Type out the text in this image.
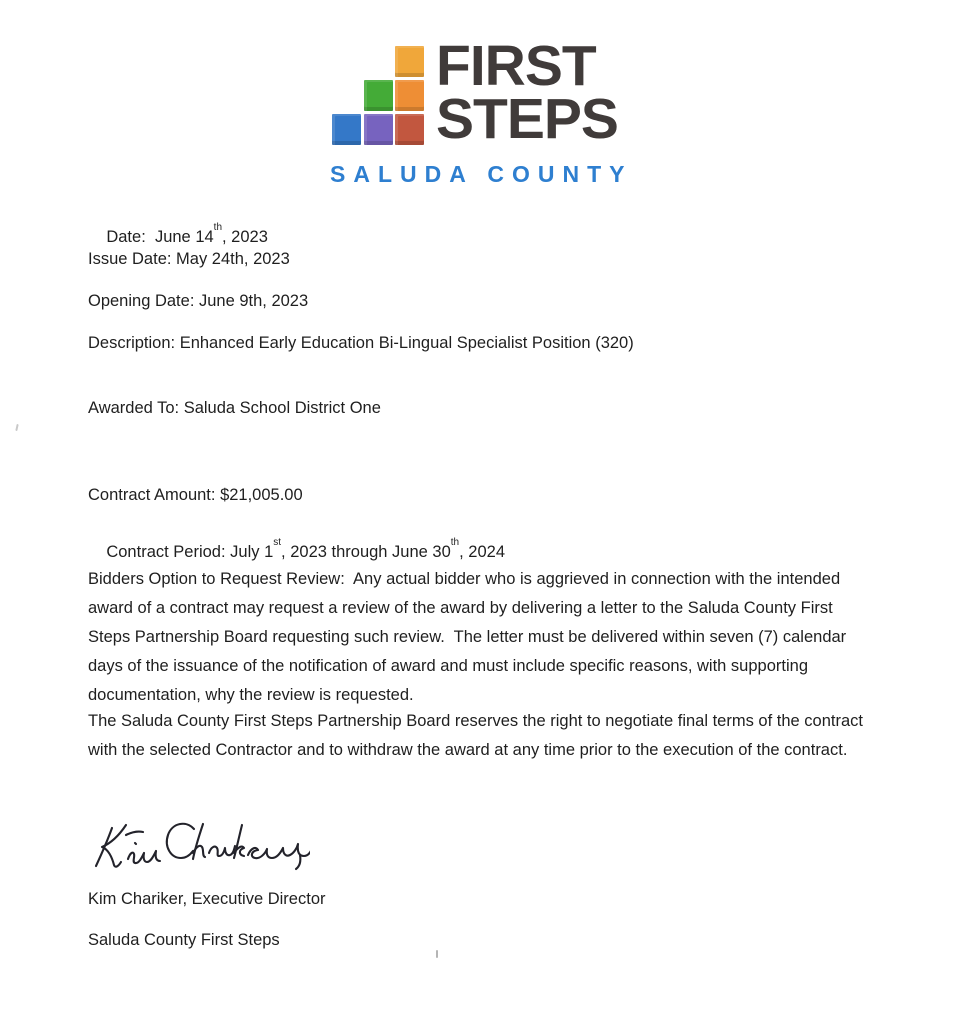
FIRST
STEPS
SALUDA COUNTY

Date:  June 14th, 2023

Issue Date: May 24th, 2023
Opening Date: June 9th, 2023
Description: Enhanced Early Education Bi-Lingual Specialist Position (320)
Awarded To: Saluda School District One
Contract Amount: $21,005.00

Contract Period: July 1st, 2023 through June 30th, 2024

Bidders Option to Request Review:  Any actual bidder who is aggrieved in connection with the intended award of a contract may request a review of the award by delivering a letter to the Saluda County First Steps Partnership Board requesting such review.  The letter must be delivered within seven (7) calendar days of the issuance of the notification of award and must include specific reasons, with supporting documentation, why the review is requested.
The Saluda County First Steps Partnership Board reserves the right to negotiate final terms of the contract with the selected Contractor and to withdraw the award at any time prior to the execution of the contract.
Kim Chariker, Executive Director
Saluda County First Steps
